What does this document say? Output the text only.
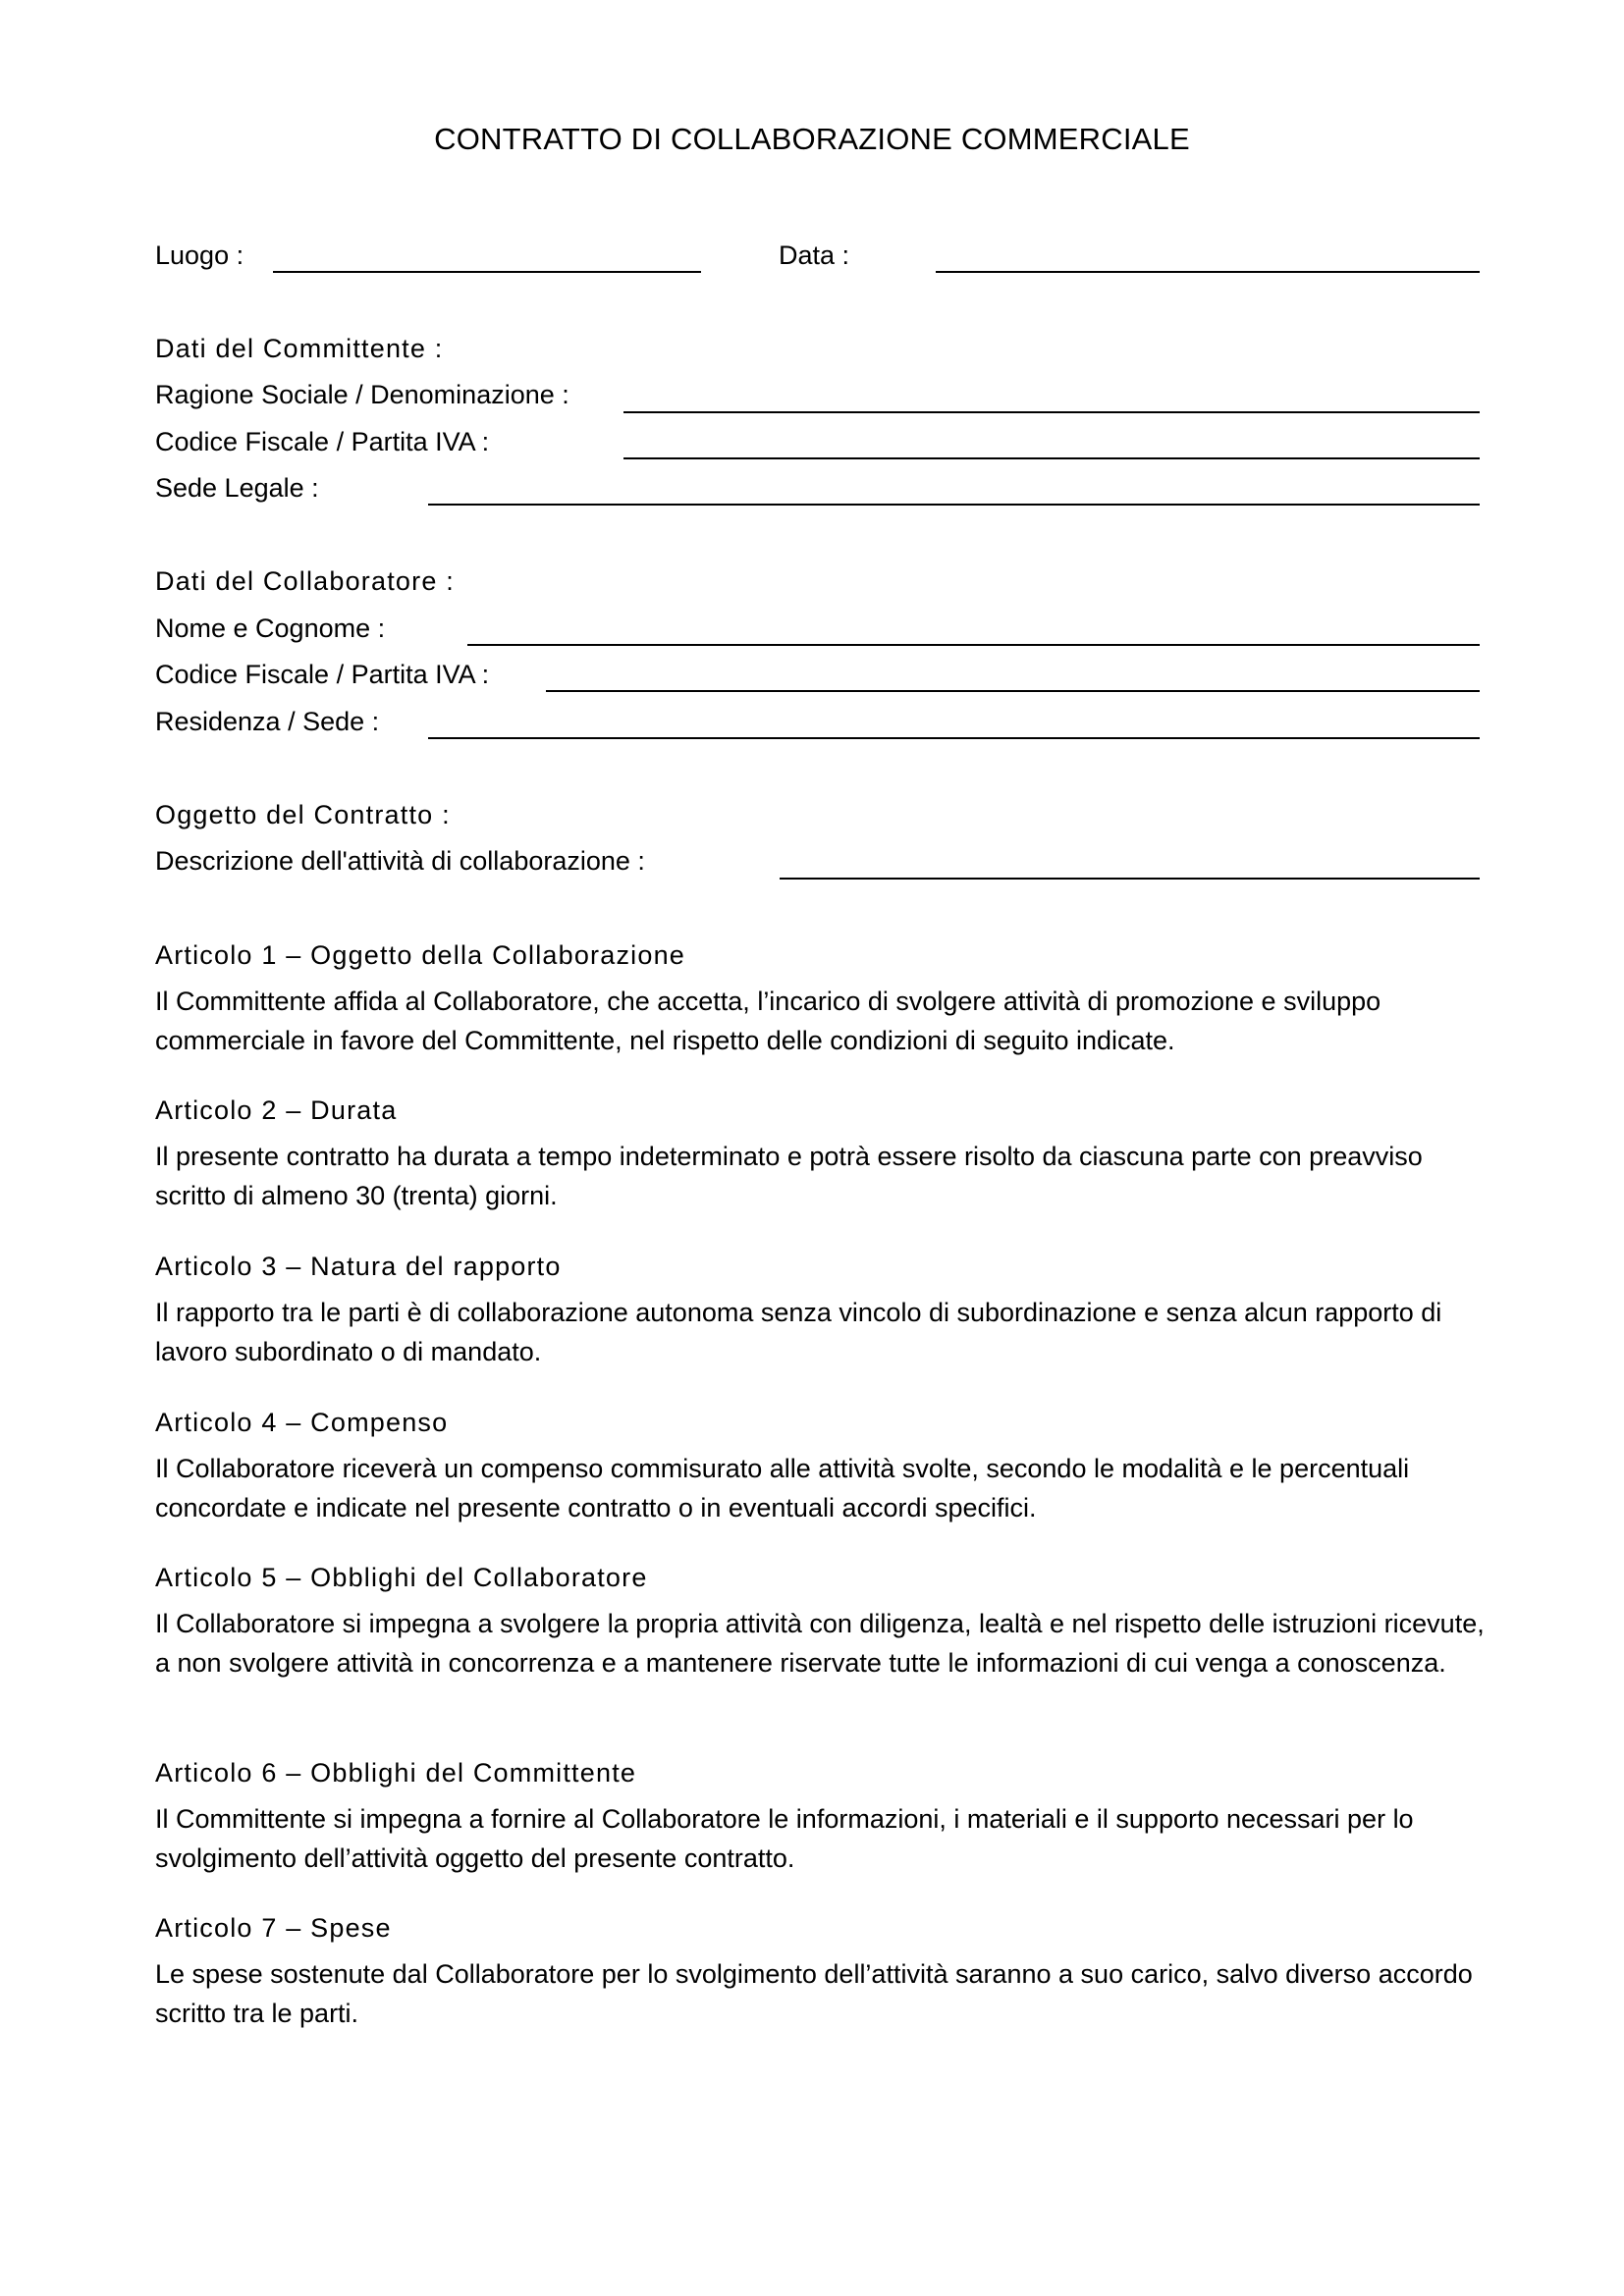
CONTRATTO DI COLLABORAZIONE COMMERCIALE
Luogo :	Data :
Dati del Committente :
Ragione Sociale / Denominazione :
Codice Fiscale / Partita IVA :
Sede Legale :
Dati del Collaboratore :
Nome e Cognome :
Codice Fiscale / Partita IVA :
Residenza / Sede :
Oggetto del Contratto :
Descrizione dell'attività di collaborazione :
Articolo 1 – Oggetto della Collaborazione
Il Committente affida al Collaboratore, che accetta, l’incarico di svolgere attività di promozione e sviluppo commerciale in favore del Committente, nel rispetto delle condizioni di seguito indicate.
Articolo 2 – Durata
Il presente contratto ha durata a tempo indeterminato e potrà essere risolto da ciascuna parte con preavviso scritto di almeno 30 (trenta) giorni.
Articolo 3 – Natura del rapporto
Il rapporto tra le parti è di collaborazione autonoma senza vincolo di subordinazione e senza alcun rapporto di lavoro subordinato o di mandato.
Articolo 4 – Compenso
Il Collaboratore riceverà un compenso commisurato alle attività svolte, secondo le modalità e le percentuali concordate e indicate nel presente contratto o in eventuali accordi specifici.
Articolo 5 – Obblighi del Collaboratore
Il Collaboratore si impegna a svolgere la propria attività con diligenza, lealtà e nel rispetto delle istruzioni ricevute, a non svolgere attività in concorrenza e a mantenere riservate tutte le informazioni di cui venga a conoscenza.
Articolo 6 – Obblighi del Committente
Il Committente si impegna a fornire al Collaboratore le informazioni, i materiali e il supporto necessari per lo svolgimento dell’attività oggetto del presente contratto.
Articolo 7 – Spese
Le spese sostenute dal Collaboratore per lo svolgimento dell’attività saranno a suo carico, salvo diverso accordo scritto tra le parti.
